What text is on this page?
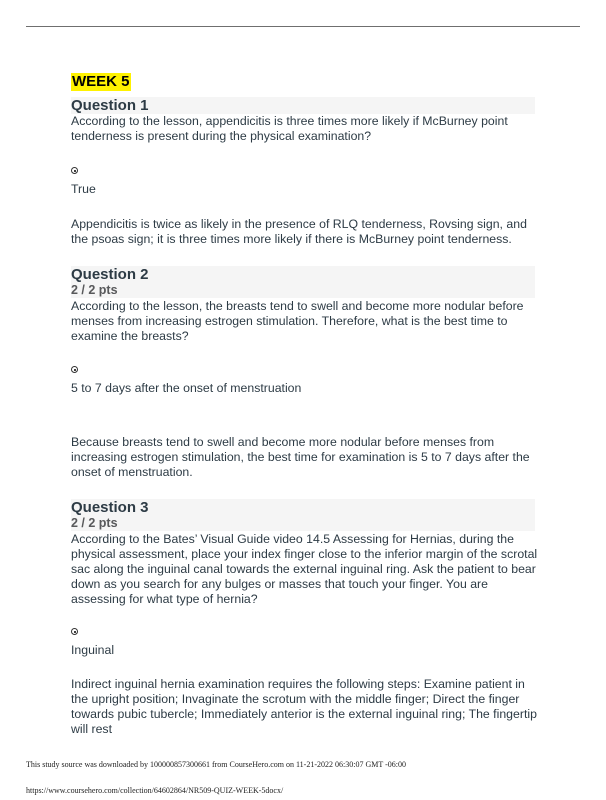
WEEK 5
Question 1
According to the lesson, appendicitis is three times more likely if McBurney point tenderness is present during the physical examination?
True
Appendicitis is twice as likely in the presence of RLQ tenderness, Rovsing sign, and the psoas sign; it is three times more likely if there is McBurney point tenderness.
Question 2
2 / 2 pts
According to the lesson, the breasts tend to swell and become more nodular before menses from increasing estrogen stimulation. Therefore, what is the best time to examine the breasts?
5 to 7 days after the onset of menstruation
Because breasts tend to swell and become more nodular before menses from increasing estrogen stimulation, the best time for examination is 5 to 7 days after the onset of menstruation.
Question 3
2 / 2 pts
According to the Bates’ Visual Guide video 14.5 Assessing for Hernias, during the physical assessment, place your index finger close to the inferior margin of the scrotal sac along the inguinal canal towards the external inguinal ring. Ask the patient to bear down as you search for any bulges or masses that touch your finger. You are assessing for what type of hernia?
Inguinal
Indirect inguinal hernia examination requires the following steps: Examine patient in the upright position; Invaginate the scrotum with the middle finger; Direct the finger towards pubic tubercle; Immediately anterior is the external inguinal ring; The fingertip will rest
This study source was downloaded by 100000857300661 from CourseHero.com on 11-21-2022 06:30:07 GMT -06:00
https://www.coursehero.com/collection/64602864/NR509-QUIZ-WEEK-5docx/
